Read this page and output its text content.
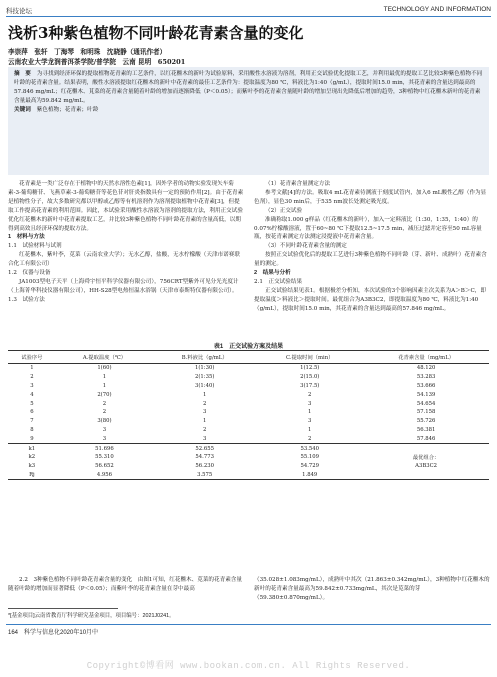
科技论坛	TECHNOLOGY AND INFORMATION
浅析3种紫色植物不同叶龄花青素含量的变化
李崇萍　张轩　丁海琴　和明珠　沈晓静（通讯作者）
云南农业大学龙润普洱茶学院/普学院　云南 昆明　650201

摘　要 为寻找到经济环保的提取植物花青素的工艺条件，以红花檵木的新叶为试验原料，采用酸性水溶液为溶剂，利用正交试验优化提取工艺，并利用最优的提取工艺比较3种紫色植物不同叶龄的花青素含量。结果表明，酸性水溶液提取红花檵木的新叶中花青素的最佳工艺条件为：提取温度为80 ℃，料液比为1:40（g/mL），提取时间15.0 min，其花青素的含量达到最高的57.846 mg/mL；红花檵木、莧菜的花青素含量随着叶龄的增加而逐渐降低（P＜0.05）；而紫叶李的花青素含量随叶龄的增加呈现出先降低后增加的趋势，3种植物中红花檵木新叶的花青素含量最高为59.842 mg/mL。

关键词 紫色植物；花青素；叶龄

花青素是一类广泛存在于植物中的天然水溶性色素[1]，因外学者的动物实验发现矢车菊素-3-葡萄糖苷、飞燕草素-3-葡萄糖苷等花色苷对肝炎指数具有一定的预防作用[2]。由于花青素是植物性分子，故大多数研究都以甲醇或乙醇等有机溶剂作为溶剂提取植物中花青素[3]，但提取工作提高花青素的利用范围。因此，本试验采用酸性水溶液为溶剂的提取方法，利用正交试验优化红花檵木的新叶中花青素提取工艺，并比较3种紫色植物不同叶龄花青素的含量高低，以期得到高效且经济环保的提取方法。

1　材料与方法

1.1　试验材料与试剂

红花檵木，紫叶李，苋菜（云南农业大学）；无水乙醇，盐酸，无水柠檬酸（天津市诺赛联合化工有限公司）

1.2　仪器与设备

JA1003型电子天平（上海舜宇恒平科学仪器有限公司），756CRT型紫外可见分光光度计（上海菁华科技仪器有限公司），HH-S28型电热恒温水浴锅（天津市泰斯特仪器有限公司）。

1.3　试验方法

（1）花青素含量测定方法

参考文献[4]的方法。吸取4 mL花青素待测液于刻度试管内，加入6 mL酸性乙醇（作为显色剂），显色30 min后，于535 nm波长处测定吸光度。

（2）正交试验

准确称取1.000 g样品（红花檵木的新叶），加入一定料液比（1:30，1:35，1:40）的0.07%柠檬酸溶液，置于60~80 ℃下提取12.5~17.5 min，减压过滤并定容至50 mL容量瓶，按花青素测定方法测定浸提液中花青素含量。

（3）不同叶龄花青素含量的测定

按照正交试验优化后的提取工艺进行3种紫色植物不同叶龄（芽、新叶、成熟叶）花青素含量的测定。

2　结果与分析

2.1　正交试验结果

正交试验结果见表1。根据极差分析知，本次试验的3个影响因素主次关系为A＞B＞C，即提取温度＞料液比＞提取时间。最优组合为A3B3C2，即提取温度为80 ℃，料液比为1:40（g/mL），提取时间15.0 min，其花青素的含量达到最高的57.846 mg/mL。

表1　正交试验方案及结果
试验序号	A.提取温度（℃）	B.料液比（g/mL）	C.提取时间（min）	花青素含量（mg/mL）
1	1(60)	1(1:30)	1(12.5)	48.120
2	1	2(1:35)	2(15.0)	53.283
3	1	3(1:40)	3(17.5)	53.666
4	2(70)	1	2	54.139
5	2	2	3	54.654
6	2	3	1	57.158
7	3(80)	1	3	55.726
8	3	2	1	56.381
9	3	3	2	57.846
k1	51.696	52.655	53.540	
k2	55.310	54.773	55.109	最优组合：
k3	56.652	56.230	54.729	A3B3C2
Rj	4.956	3.575	1.849	

2.2　3种紫色植物不同叶龄花青素含量的变化　由图1可知，红花檵木、苋菜的花青素含量随着叶龄的增加而显著降低（P＜0.05）；而紫叶李的花青素含量在芽中最高

（35.028±1.083mg/mL），成熟叶中其次（21.863±0.342mg/mL），3种植物中红花檵木的新叶的花青素含量最高为59.842±0.733mg/mL，其次是苋菜的芽（59.380±0.870mg/mL）。

*[基金项目]云南省教育厅科学研究基金项目，项目编号：2021J0241。
164　科学与信息化2020年10月中
Copyright©博看网 www.bookan.com.cn. All Rights Reserved.
